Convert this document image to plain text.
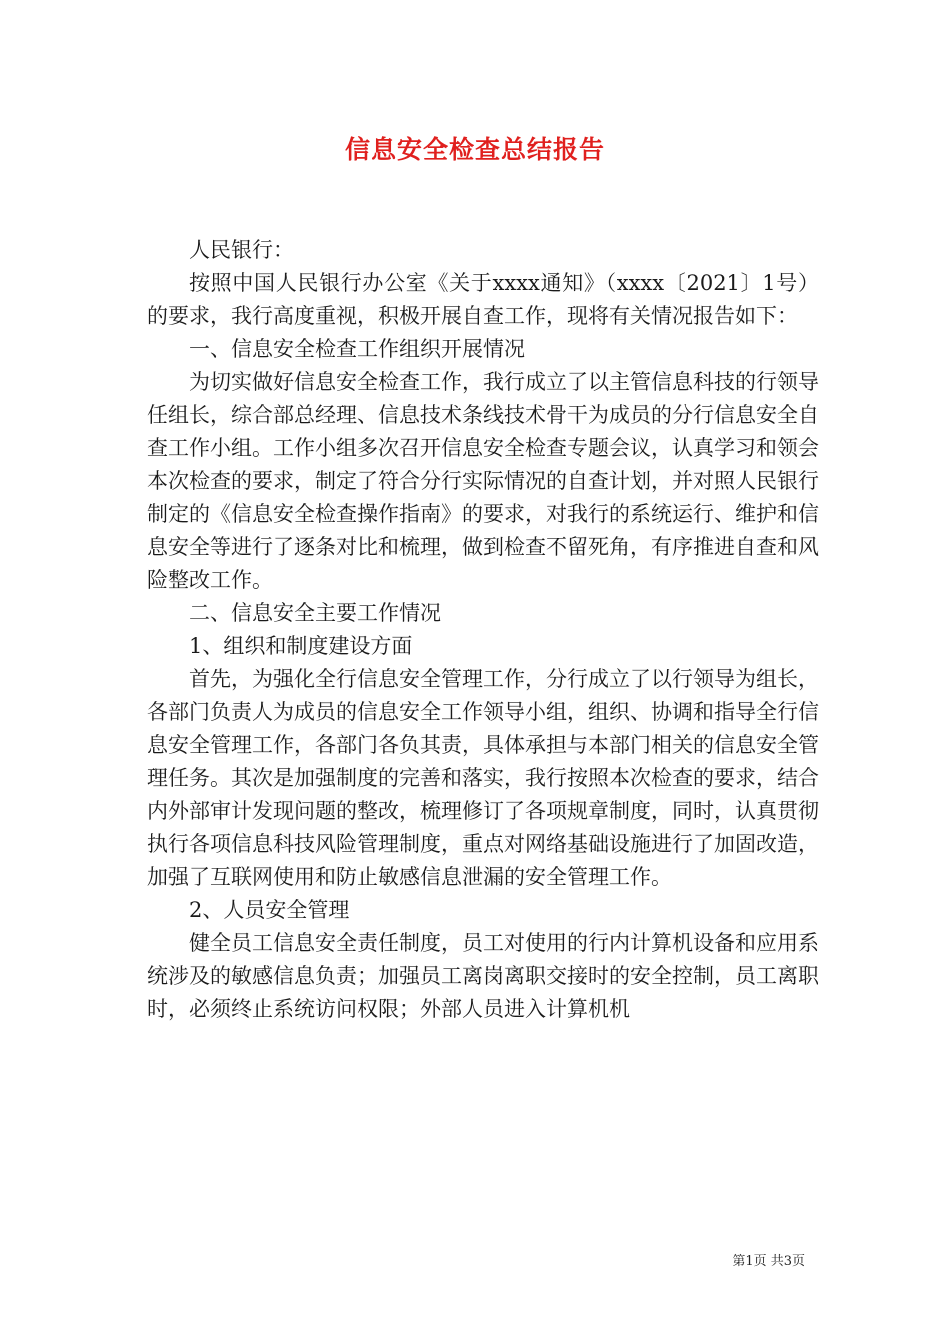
信息安全检查总结报告

人民银行：

按照中国人民银行办公室《关于xxxx通知》（xxxx〔2021〕1号）的要求，我行高度重视，积极开展自查工作，现将有关情况报告如下：

一、信息安全检查工作组织开展情况

为切实做好信息安全检查工作，我行成立了以主管信息科技的行领导任组长，综合部总经理、信息技术条线技术骨干为成员的分行信息安全自查工作小组。工作小组多次召开信息安全检查专题会议，认真学习和领会本次检查的要求，制定了符合分行实际情况的自查计划，并对照人民银行制定的《信息安全检查操作指南》的要求，对我行的系统运行、维护和信息安全等进行了逐条对比和梳理，做到检查不留死角，有序推进自查和风险整改工作。

二、信息安全主要工作情况

1、组织和制度建设方面

首先，为强化全行信息安全管理工作，分行成立了以行领导为组长，各部门负责人为成员的信息安全工作领导小组，组织、协调和指导全行信息安全管理工作，各部门各负其责，具体承担与本部门相关的信息安全管理任务。其次是加强制度的完善和落实，我行按照本次检查的要求，结合内外部审计发现问题的整改，梳理修订了各项规章制度，同时，认真贯彻执行各项信息科技风险管理制度，重点对网络基础设施进行了加固改造，加强了互联网使用和防止敏感信息泄漏的安全管理工作。

2、人员安全管理

健全员工信息安全责任制度，员工对使用的行内计算机设备和应用系统涉及的敏感信息负责；加强员工离岗离职交接时的安全控制，员工离职时，必须终止系统访问权限；外部人员进入计算机机

第1页 共3页
